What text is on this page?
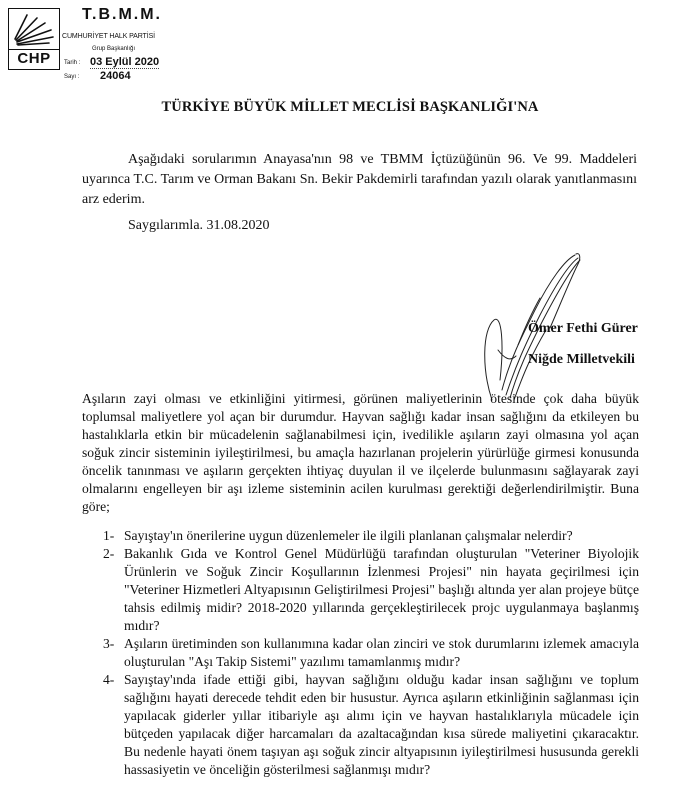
CHP
T.B.M.M.
CUMHURİYET HALK PARTİSİ
Grup Başkanlığı
Tarih : 03 Eylül 2020
Sayı : 24064
TÜRKİYE BÜYÜK MİLLET MECLİSİ BAŞKANLIĞI'NA
Aşağıdaki sorularımın Anayasa'nın 98 ve TBMM İçtüzüğünün 96. Ve 99. Maddeleri uyarınca T.C. Tarım ve Orman Bakanı Sn. Bekir Pakdemirli tarafından yazılı olarak yanıtlanmasını arz ederim.
Saygılarımla. 31.08.2020
Ömer Fethi Gürer
Niğde Milletvekili
Aşıların zayi olması ve etkinliğini yitirmesi, görünen maliyetlerinin ötesinde çok daha büyük toplumsal maliyetlere yol açan bir durumdur. Hayvan sağlığı kadar insan sağlığını da etkileyen bu hastalıklarla etkin bir mücadelenin sağlanabilmesi için, ivedilikle aşıların zayi olmasına yol açan soğuk zincir sisteminin iyileştirilmesi, bu amaçla hazırlanan projelerin yürürlüğe girmesi konusunda öncelik tanınması ve aşıların gerçekten ihtiyaç duyulan il ve ilçelerde bulunmasını sağlayarak zayi olmalarını engelleyen bir aşı izleme sisteminin acilen kurulması gerektiği değerlendirilmiştir. Buna göre;
1- Sayıştay'ın önerilerine uygun düzenlemeler ile ilgili planlanan çalışmalar nelerdir?
2- Bakanlık Gıda ve Kontrol Genel Müdürlüğü tarafından oluşturulan "Veteriner Biyolojik Ürünlerin ve Soğuk Zincir Koşullarının İzlenmesi Projesi" nin hayata geçirilmesi için "Veteriner Hizmetleri Altyapısının Geliştirilmesi Projesi" başlığı altında yer alan projeye bütçe tahsis edilmiş midir? 2018-2020 yıllarında gerçekleştirilecek projc uygulanmaya başlanmış mıdır?
3- Aşıların üretiminden son kullanımına kadar olan zinciri ve stok durumlarını izlemek amacıyla oluşturulan "Aşı Takip Sistemi" yazılımı tamamlanmış mıdır?
4- Sayıştay'ında ifade ettiği gibi, hayvan sağlığını olduğu kadar insan sağlığını ve toplum sağlığını hayati derecede tehdit eden bir husustur. Ayrıca aşıların etkinliğinin sağlanması için yapılacak giderler yıllar itibariyle aşı alımı için ve hayvan hastalıklarıyla mücadele için bütçeden yapılacak diğer harcamaları da azaltacağından kısa sürede maliyetini çıkaracaktır. Bu nedenle hayati önem taşıyan aşı soğuk zincir altyapısının iyileştirilmesi hususunda gerekli hassasiyetin ve önceliğin gösterilmesi sağlanmışı mıdır?
